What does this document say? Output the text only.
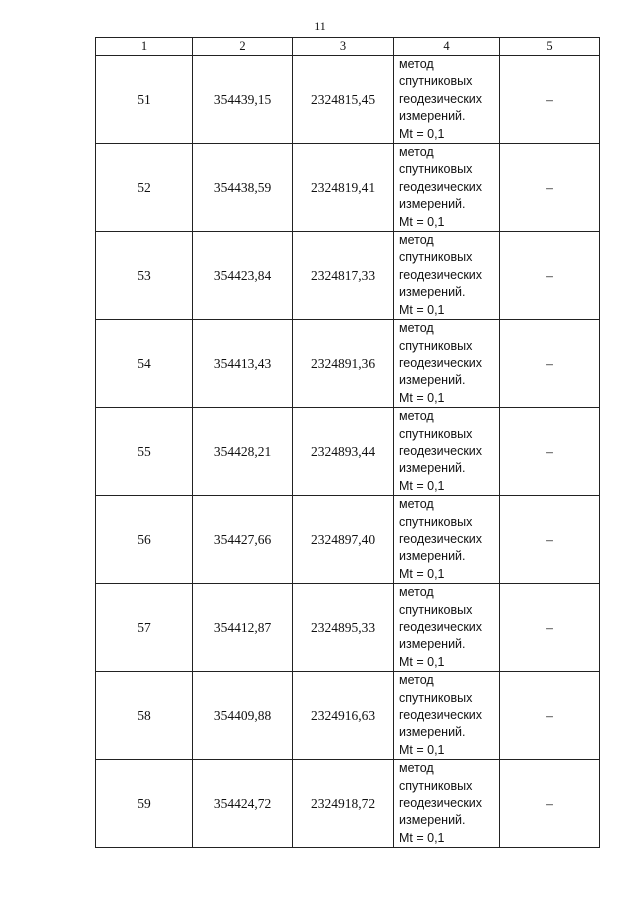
11
1	2	3	4	5
51	354439,15	2324815,45	метод
спутниковых
геодезических
измерений.
Mt = 0,1	–
52	354438,59	2324819,41	метод
спутниковых
геодезических
измерений.
Mt = 0,1	–
53	354423,84	2324817,33	метод
спутниковых
геодезических
измерений.
Mt = 0,1	–
54	354413,43	2324891,36	метод
спутниковых
геодезических
измерений.
Mt = 0,1	–
55	354428,21	2324893,44	метод
спутниковых
геодезических
измерений.
Mt = 0,1	–
56	354427,66	2324897,40	метод
спутниковых
геодезических
измерений.
Mt = 0,1	–
57	354412,87	2324895,33	метод
спутниковых
геодезических
измерений.
Mt = 0,1	–
58	354409,88	2324916,63	метод
спутниковых
геодезических
измерений.
Mt = 0,1	–
59	354424,72	2324918,72	метод
спутниковых
геодезических
измерений.
Mt = 0,1	–
